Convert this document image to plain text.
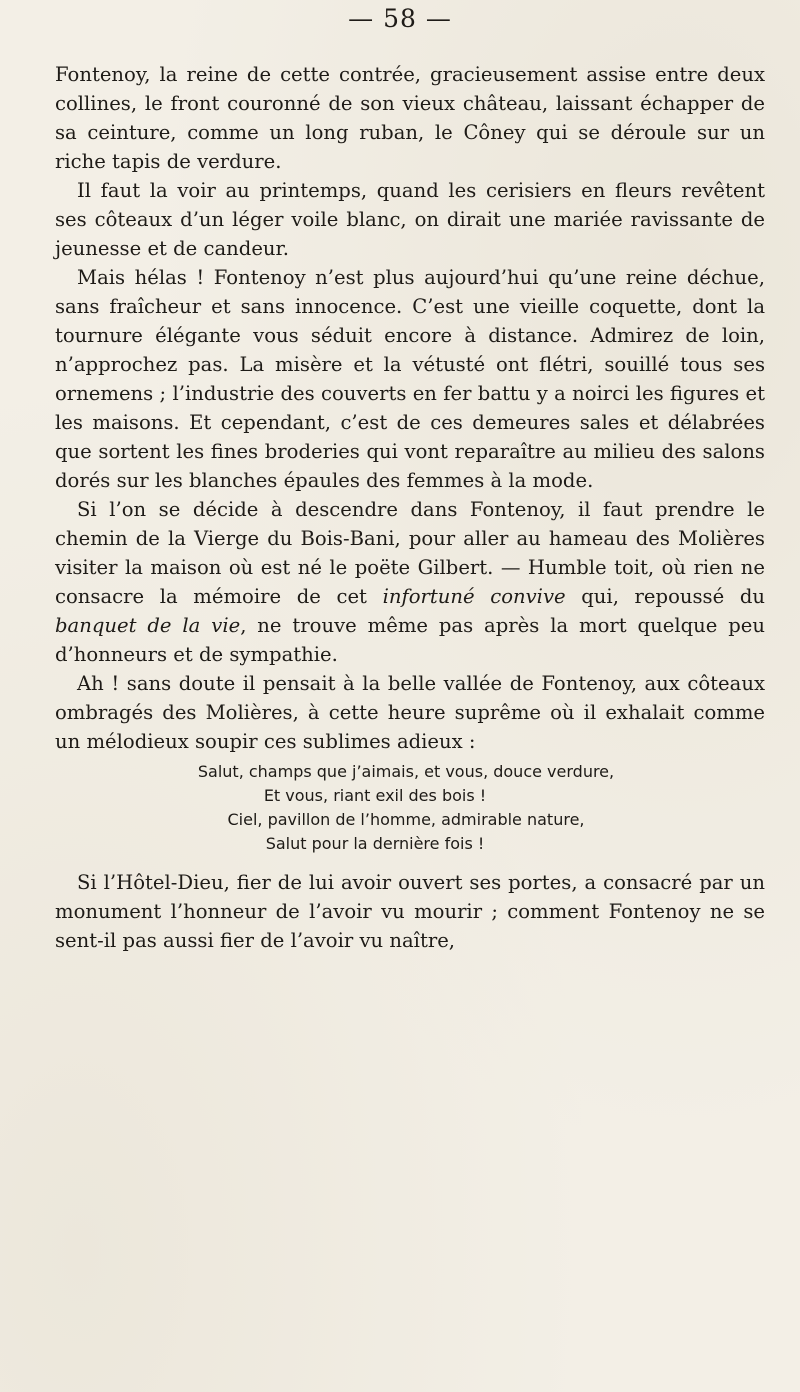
— 58 —

Fontenoy, la reine de cette contrée, gracieusement assise entre deux collines, le front couronné de son vieux château, laissant échapper de sa ceinture, comme un long ruban, le Côney qui se déroule sur un riche tapis de verdure.

Il faut la voir au printemps, quand les cerisiers en fleurs revêtent ses côteaux d’un léger voile blanc, on dirait une mariée ravissante de jeunesse et de candeur.

Mais hélas ! Fontenoy n’est plus aujourd’hui qu’une reine déchue, sans fraîcheur et sans innocence. C’est une vieille coquette, dont la tournure élégante vous séduit encore à distance. Admirez de loin, n’approchez pas. La misère et la vétusté ont flétri, souillé tous ses ornemens ; l’industrie des couverts en fer battu y a noirci les figures et les maisons. Et cependant, c’est de ces demeures sales et délabrées que sortent les fines broderies qui vont reparaître au milieu des salons dorés sur les blanches épaules des femmes à la mode.

Si l’on se décide à descendre dans Fontenoy, il faut prendre le chemin de la Vierge du Bois-Bani, pour aller au hameau des Molières visiter la maison où est né le poëte Gilbert. — Humble toit, où rien ne consacre la mémoire de cet infortuné convive qui, repoussé du banquet de la vie, ne trouve même pas après la mort quelque peu d’honneurs et de sympathie.

Ah ! sans doute il pensait à la belle vallée de Fontenoy, aux côteaux ombragés des Molières, à cette heure suprême où il exhalait comme un mélodieux soupir ces sublimes adieux :

Salut, champs que j’aimais, et vous, douce verdure,
Et vous, riant exil des bois !
Ciel, pavillon de l’homme, admirable nature,
Salut pour la dernière fois !

Si l’Hôtel-Dieu, fier de lui avoir ouvert ses portes, a consacré par un monument l’honneur de l’avoir vu mourir ; comment Fontenoy ne se sent-il pas aussi fier de l’avoir vu naître,
